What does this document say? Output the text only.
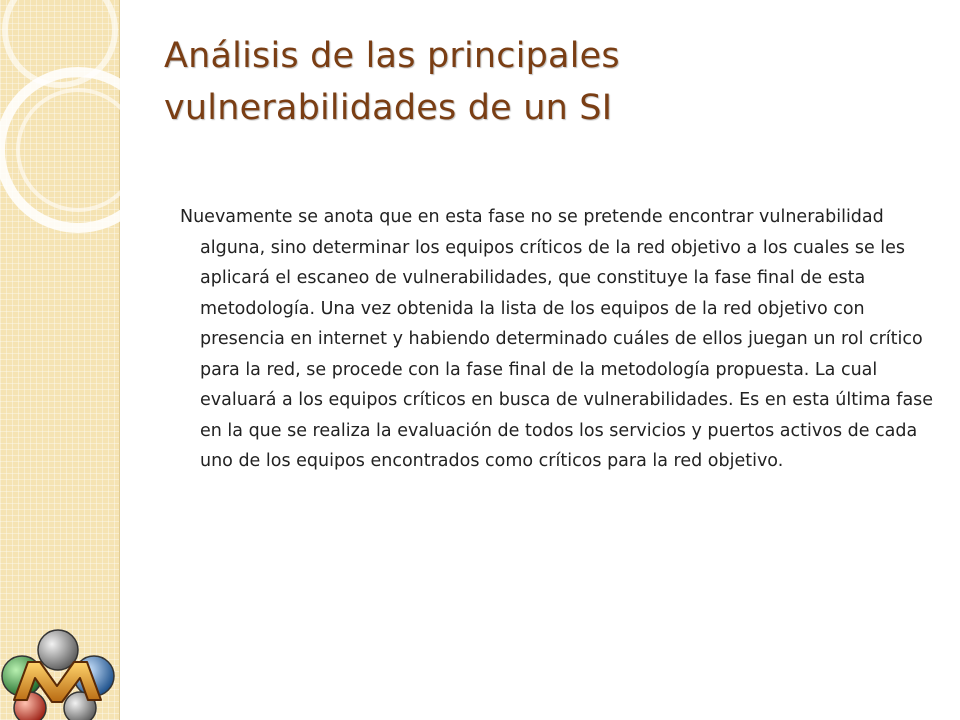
Análisis de las principales
vulnerabilidades de un SI

Nuevamente se anota que en esta fase no se pretende encontrar vulnerabilidad alguna, sino determinar los equipos críticos de la red objetivo a los cuales se les aplicará el escaneo de vulnerabilidades, que constituye la fase final de esta metodología. Una vez obtenida la lista de los equipos de la red objetivo con presencia en internet y habiendo determinado cuáles de ellos juegan un rol crítico para la red, se procede con la fase final de la metodología propuesta. La cual evaluará a los equipos críticos en busca de vulnerabilidades. Es en esta última fase en la que se realiza la evaluación de todos los servicios y puertos activos de cada uno de los equipos encontrados como críticos para la red objetivo.
